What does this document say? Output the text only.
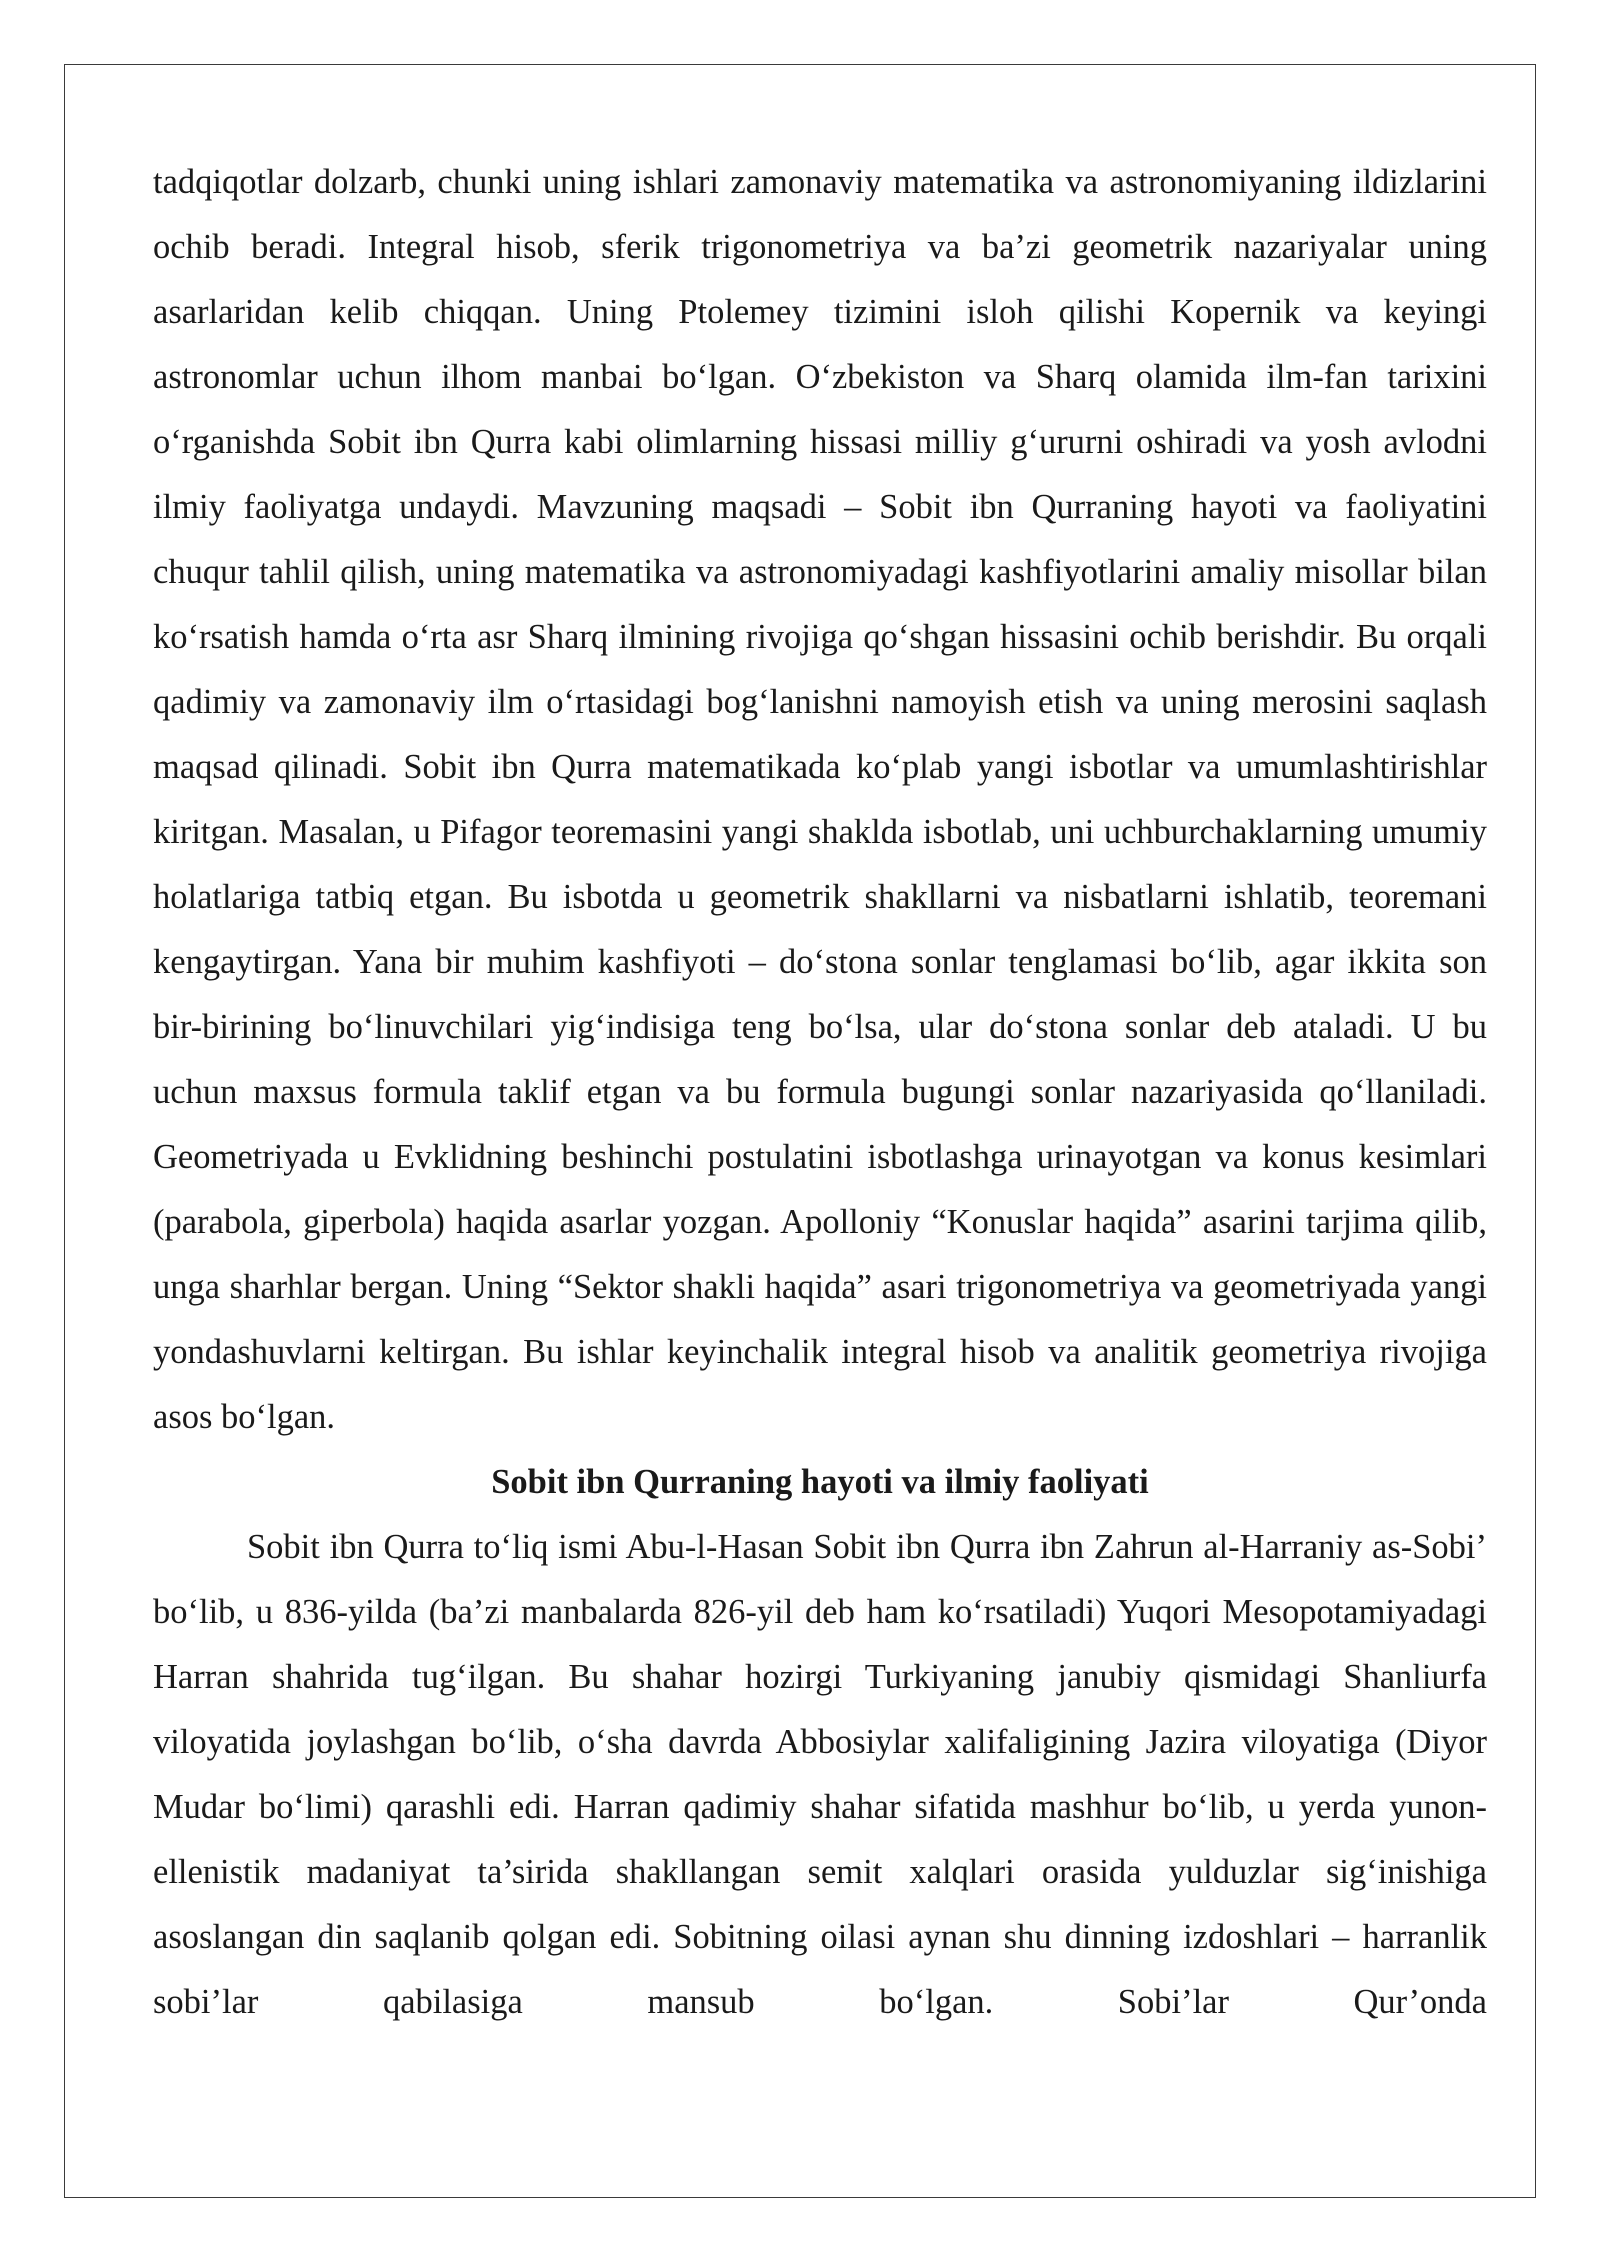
tadqiqotlar dolzarb, chunki uning ishlari zamonaviy matematika va astronomiyaning ildizlarini ochib beradi. Integral hisob, sferik trigonometriya va ba’zi geometrik nazariyalar uning asarlaridan kelib chiqqan. Uning Ptolemey tizimini isloh qilishi Kopernik va keyingi astronomlar uchun ilhom manbai bo‘lgan. O‘zbekiston va Sharq olamida ilm-fan tarixini o‘rganishda Sobit ibn Qurra kabi olimlarning hissasi milliy g‘ururni oshiradi va yosh avlodni ilmiy faoliyatga undaydi. Mavzuning maqsadi – Sobit ibn Qurraning hayoti va faoliyatini chuqur tahlil qilish, uning matematika va astronomiyadagi kashfiyotlarini amaliy misollar bilan ko‘rsatish hamda o‘rta asr Sharq ilmining rivojiga qo‘shgan hissasini ochib berishdir. Bu orqali qadimiy va zamonaviy ilm o‘rtasidagi bog‘lanishni namoyish etish va uning merosini saqlash maqsad qilinadi. Sobit ibn Qurra matematikada ko‘plab yangi isbotlar va umumlashtirishlar kiritgan. Masalan, u Pifagor teoremasini yangi shaklda isbotlab, uni uchburchaklarning umumiy holatlariga tatbiq etgan. Bu isbotda u geometrik shakllarni va nisbatlarni ishlatib, teoremani kengaytirgan. Yana bir muhim kashfiyoti – do‘stona sonlar tenglamasi bo‘lib, agar ikkita son bir-birining bo‘linuvchilari yig‘indisiga teng bo‘lsa, ular do‘stona sonlar deb ataladi. U bu uchun maxsus formula taklif etgan va bu formula bugungi sonlar nazariyasida qo‘llaniladi. Geometriyada u Evklidning beshinchi postulatini isbotlashga urinayotgan va konus kesimlari (parabola, giperbola) haqida asarlar yozgan. Apolloniy “Konuslar haqida” asarini tarjima qilib, unga sharhlar bergan. Uning “Sektor shakli haqida” asari trigonometriya va geometriyada yangi yondashuvlarni keltirgan. Bu ishlar keyinchalik integral hisob va analitik geometriya rivojiga asos bo‘lgan.

Sobit ibn Qurraning hayoti va ilmiy faoliyati

Sobit ibn Qurra to‘liq ismi Abu-l-Hasan Sobit ibn Qurra ibn Zahrun al-Harraniy as-Sobi’ bo‘lib, u 836-yilda (ba’zi manbalarda 826-yil deb ham ko‘rsatiladi) Yuqori Mesopotamiyadagi Harran shahrida tug‘ilgan. Bu shahar hozirgi Turkiyaning janubiy qismidagi Shanliurfa viloyatida joylashgan bo‘lib, o‘sha davrda Abbosiylar xalifaligining Jazira viloyatiga (Diyor Mudar bo‘limi) qarashli edi. Harran qadimiy shahar sifatida mashhur bo‘lib, u yerda yunon-ellenistik madaniyat ta’sirida shakllangan semit xalqlari orasida yulduzlar sig‘inishiga asoslangan din saqlanib qolgan edi. Sobitning oilasi aynan shu dinning izdoshlari – harranlik sobi’lar qabilasiga mansub bo‘lgan. Sobi’lar Qur’onda
